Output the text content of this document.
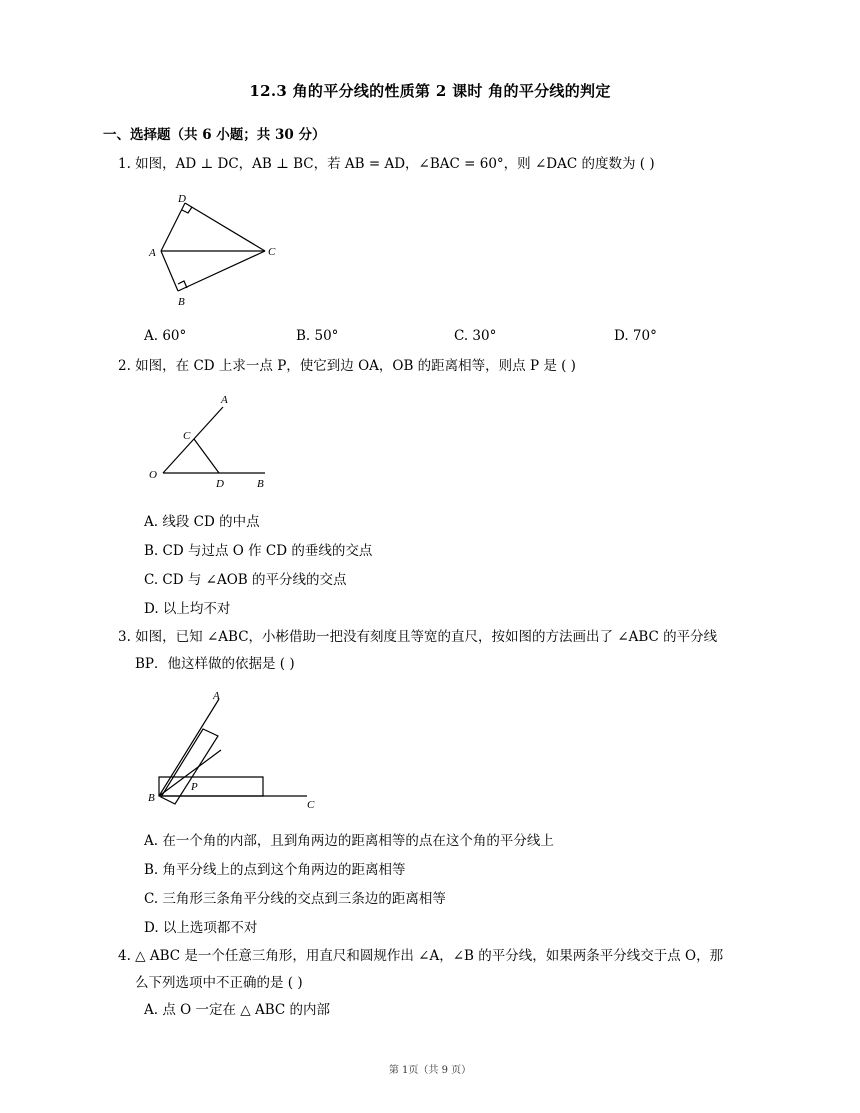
12.3 角的平分线的性质第 2 课时 角的平分线的判定
一、选择题（共 6 小题；共 30 分）
1. 如图，AD ⊥ DC，AB ⊥ BC，若 AB = AD，∠BAC = 60°，则 ∠DAC 的度数为 ( )
D
A	C
B
A. 60°	B. 50°	C. 30°	D. 70°
2. 如图，在 CD 上求一点 P，使它到边 OA，OB 的距离相等，则点 P 是 ( )
A
C
O
D	B
A. 线段 CD 的中点
B. CD 与过点 O 作 CD 的垂线的交点
C. CD 与 ∠AOB 的平分线的交点
D. 以上均不对
3. 如图，已知 ∠ABC，小彬借助一把没有刻度且等宽的直尺，按如图的方法画出了 ∠ABC 的平分线
BP．他这样做的依据是 ( )
A
P
B
C
A. 在一个角的内部，且到角两边的距离相等的点在这个角的平分线上
B. 角平分线上的点到这个角两边的距离相等
C. 三角形三条角平分线的交点到三条边的距离相等
D. 以上选项都不对
4. △ ABC 是一个任意三角形，用直尺和圆规作出 ∠A，∠B 的平分线，如果两条平分线交于点 O，那
么下列选项中不正确的是 ( )
A. 点 O 一定在 △ ABC 的内部
第 1页（共 9 页）
